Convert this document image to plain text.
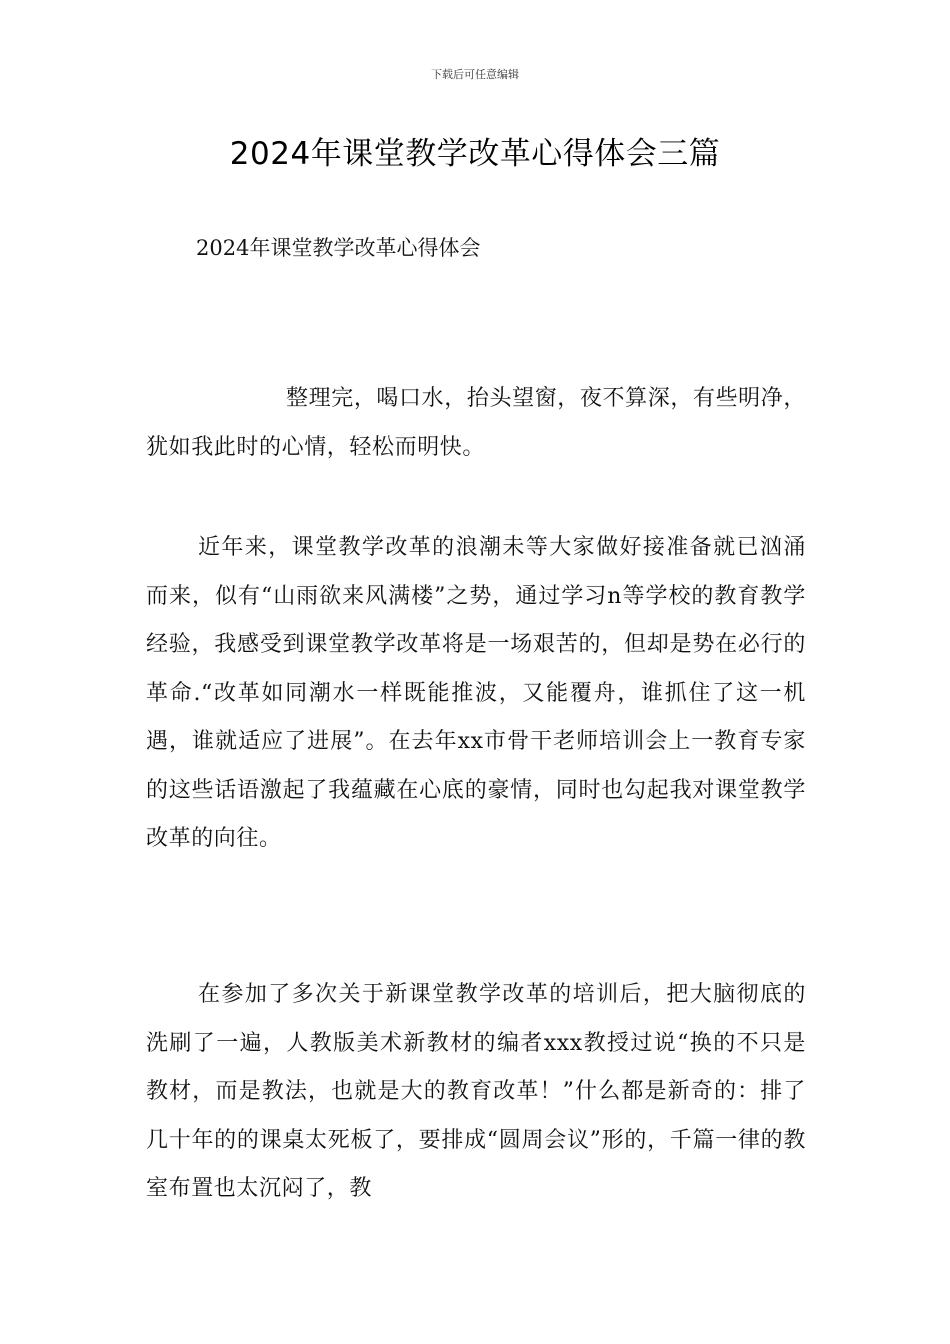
下载后可任意编辑
2024年课堂教学改革心得体会三篇
2024年课堂教学改革心得体会

整理完，喝口水，抬头望窗，夜不算深，有些明净，犹如我此时的心情，轻松而明快。

近年来，课堂教学改革的浪潮未等大家做好接准备就已汹涌而来，似有“山雨欲来风满楼”之势，通过学习n等学校的教育教学经验，我感受到课堂教学改革将是一场艰苦的，但却是势在必行的革命.“改革如同潮水一样既能推波，又能覆舟，谁抓住了这一机遇，谁就适应了进展”。在去年xx市骨干老师培训会上一教育专家的这些话语激起了我蕴藏在心底的豪情，同时也勾起我对课堂教学改革的向往。

在参加了多次关于新课堂教学改革的培训后，把大脑彻底的洗刷了一遍，人教版美术新教材的编者xxx教授过说“换的不只是教材，而是教法，也就是大的教育改革！”什么都是新奇的：排了几十年的的课桌太死板了，要排成“圆周会议”形的，千篇一律的教室布置也太沉闷了，教
